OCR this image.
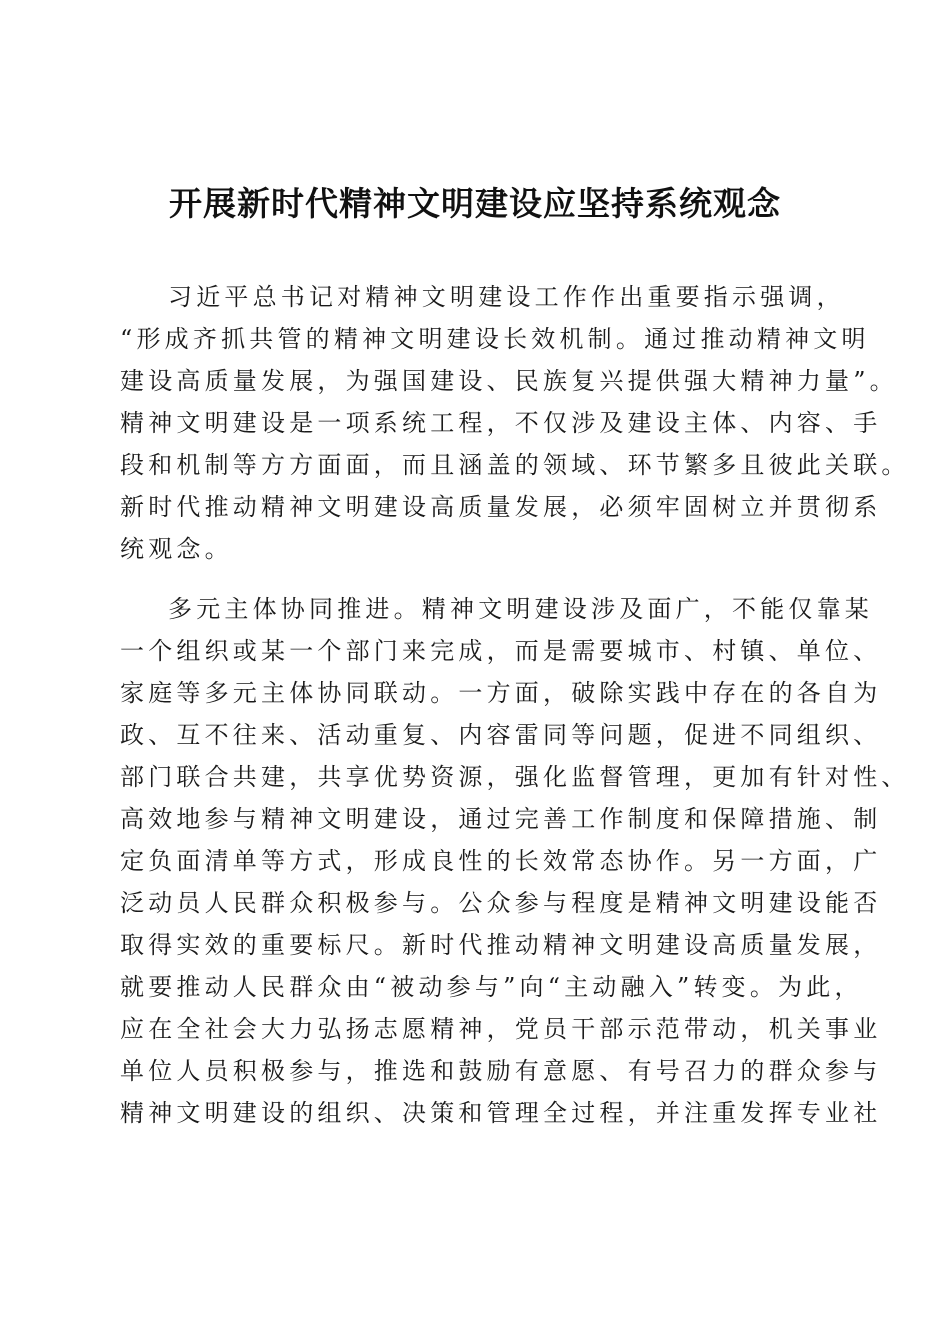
开展新时代精神文明建设应坚持系统观念
习近平总书记对精神文明建设工作作出重要指示强调，
“形成齐抓共管的精神文明建设长效机制。通过推动精神文明
建设高质量发展，为强国建设、民族复兴提供强大精神力量”。
精神文明建设是一项系统工程，不仅涉及建设主体、内容、手
段和机制等方方面面，而且涵盖的领域、环节繁多且彼此关联。
新时代推动精神文明建设高质量发展，必须牢固树立并贯彻系
统观念。
多元主体协同推进。精神文明建设涉及面广，不能仅靠某
一个组织或某一个部门来完成，而是需要城市、村镇、单位、
家庭等多元主体协同联动。一方面，破除实践中存在的各自为
政、互不往来、活动重复、内容雷同等问题，促进不同组织、
部门联合共建，共享优势资源，强化监督管理，更加有针对性、
高效地参与精神文明建设，通过完善工作制度和保障措施、制
定负面清单等方式，形成良性的长效常态协作。另一方面，广
泛动员人民群众积极参与。公众参与程度是精神文明建设能否
取得实效的重要标尺。新时代推动精神文明建设高质量发展，
就要推动人民群众由“被动参与”向“主动融入”转变。为此，
应在全社会大力弘扬志愿精神，党员干部示范带动，机关事业
单位人员积极参与，推选和鼓励有意愿、有号召力的群众参与
精神文明建设的组织、决策和管理全过程，并注重发挥专业社
